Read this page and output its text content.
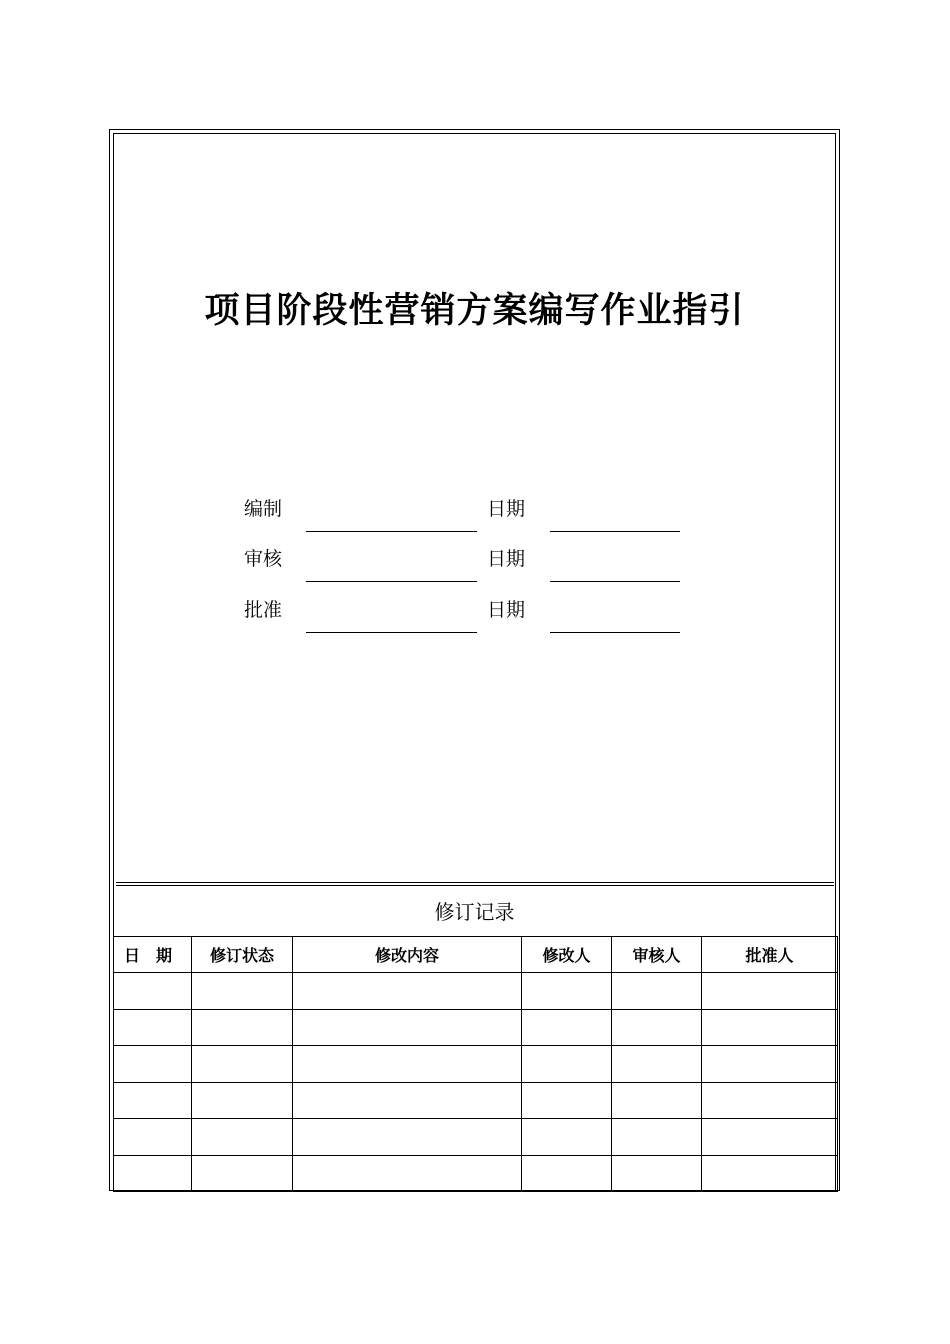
项目阶段性营销方案编写作业指引
编制	日期
审核	日期
批准	日期
修订记录
日　期	修订状态	修改内容	修改人	审核人	批准人
